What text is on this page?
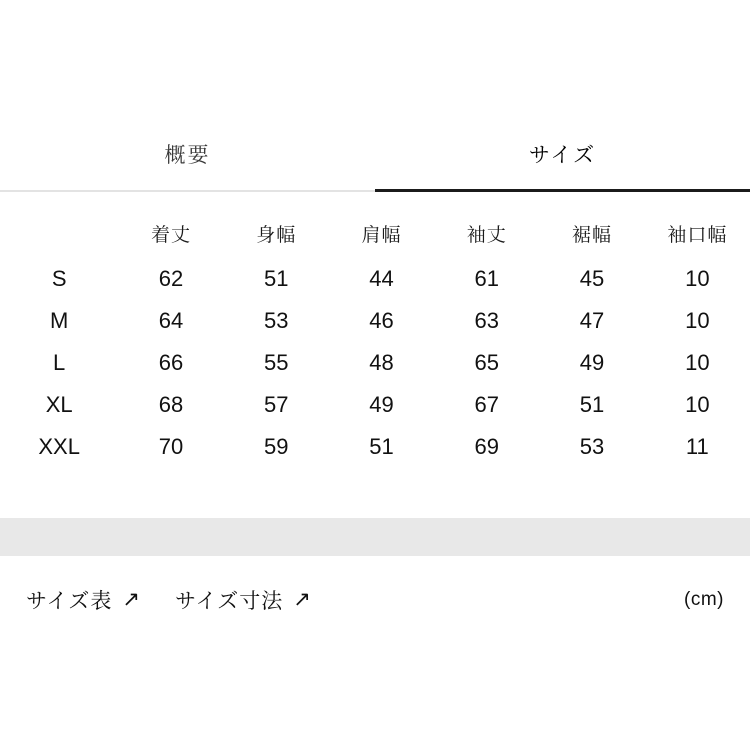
概要	サイズ
	着丈	身幅	肩幅	袖丈	裾幅	袖口幅
S	62	51	44	61	45	10
M	64	53	46	63	47	10
L	66	55	48	65	49	10
XL	68	57	49	67	51	10
XXL	70	59	51	69	53	11
サイズ表 ↗ サイズ寸法 ↗	(cm)
